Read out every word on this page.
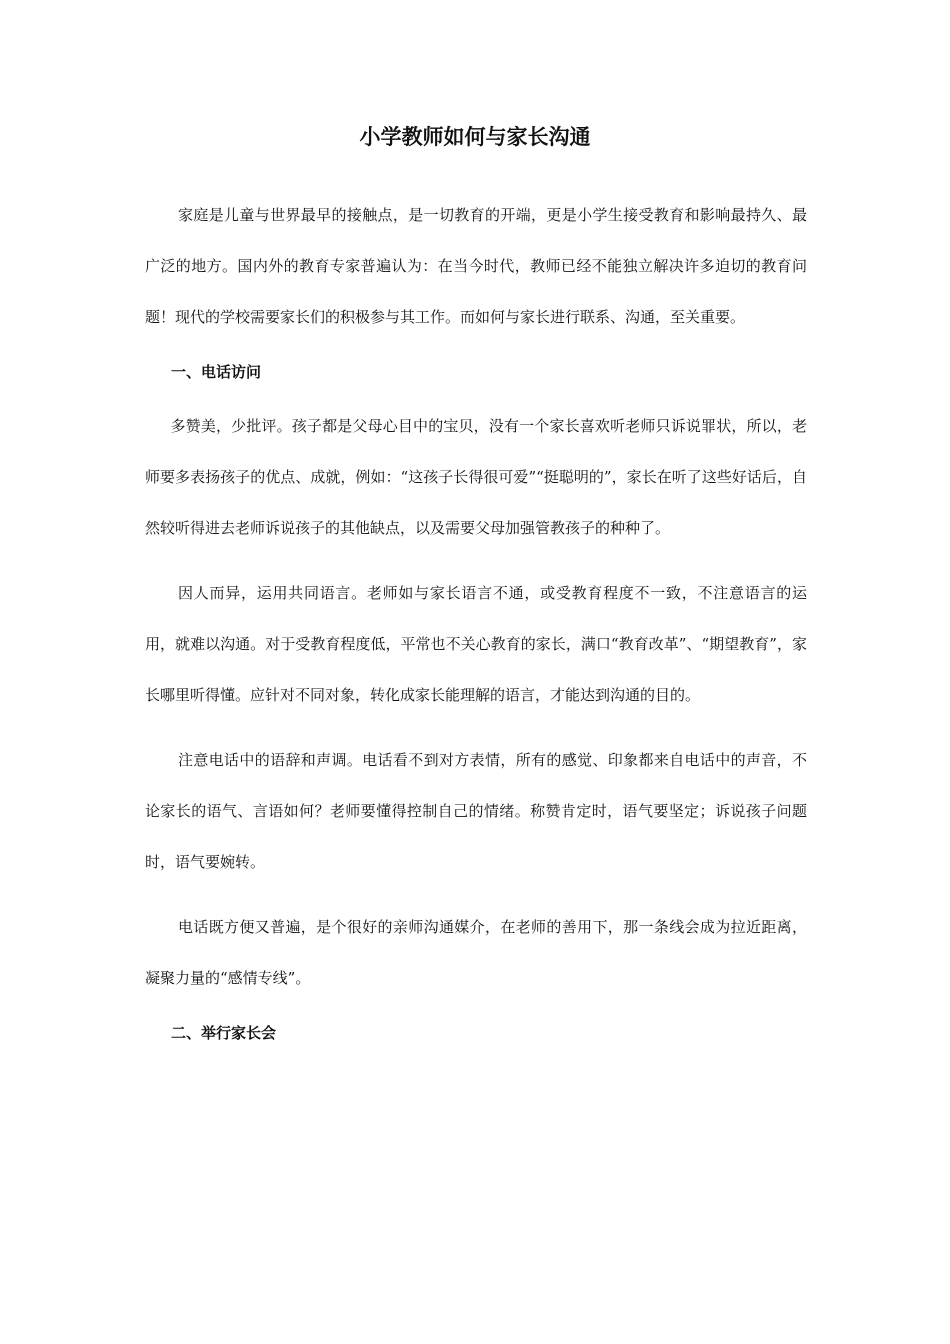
小学教师如何与家长沟通

家庭是儿童与世界最早的接触点，是一切教育的开端，更是小学生接受教育和影响最持久、最广泛的地方。国内外的教育专家普遍认为：在当今时代，教师已经不能独立解决许多迫切的教育问题！现代的学校需要家长们的积极参与其工作。而如何与家长进行联系、沟通，至关重要。

一、电话访问

多赞美，少批评。孩子都是父母心目中的宝贝，没有一个家长喜欢听老师只诉说罪状，所以，老师要多表扬孩子的优点、成就，例如：“这孩子长得很可爱”“挺聪明的”，家长在听了这些好话后，自然较听得进去老师诉说孩子的其他缺点，以及需要父母加强管教孩子的种种了。

因人而异，运用共同语言。老师如与家长语言不通，或受教育程度不一致，不注意语言的运用，就难以沟通。对于受教育程度低，平常也不关心教育的家长，满口“教育改革”、“期望教育”，家长哪里听得懂。应针对不同对象，转化成家长能理解的语言，才能达到沟通的目的。

注意电话中的语辞和声调。电话看不到对方表情，所有的感觉、印象都来自电话中的声音，不论家长的语气、言语如何？老师要懂得控制自己的情绪。称赞肯定时，语气要坚定；诉说孩子问题时，语气要婉转。

电话既方便又普遍，是个很好的亲师沟通媒介，在老师的善用下，那一条线会成为拉近距离，凝聚力量的“感情专线”。

二、举行家长会
